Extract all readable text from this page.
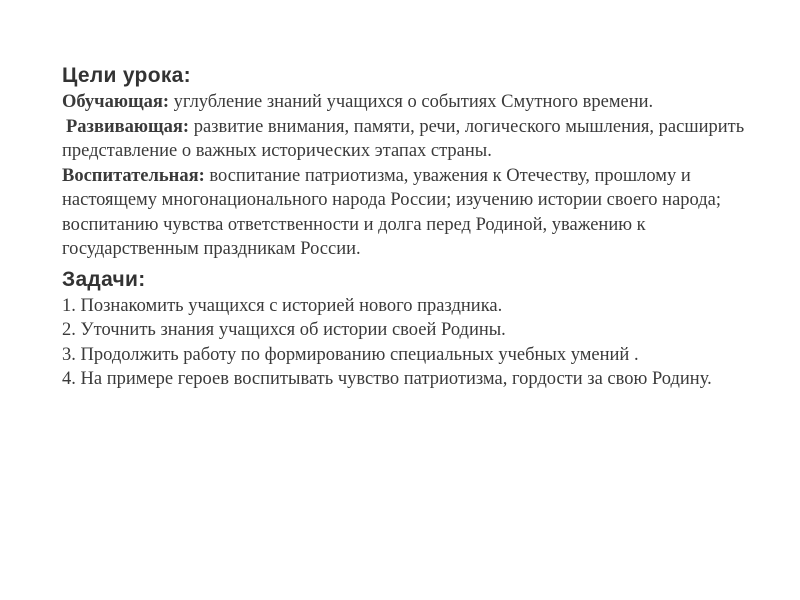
Цели урока:

Обучающая: углубление знаний учащихся о событиях Смутного времени.

Развивающая: развитие внимания, памяти, речи, логического мышления, расширить представление о важных исторических этапах страны.

Воспитательная: воспитание патриотизма, уважения к Отечеству, прошлому и настоящему многонационального народа России; изучению истории своего народа; воспитанию чувства ответственности и долга перед Родиной, уважению к государственным праздникам России.

Задачи:
1. Познакомить учащихся с историей нового праздника.
2. Уточнить знания учащихся об истории своей Родины.
3. Продолжить работу по формированию специальных учебных умений .
4. На примере героев воспитывать чувство патриотизма, гордости за свою Родину.
